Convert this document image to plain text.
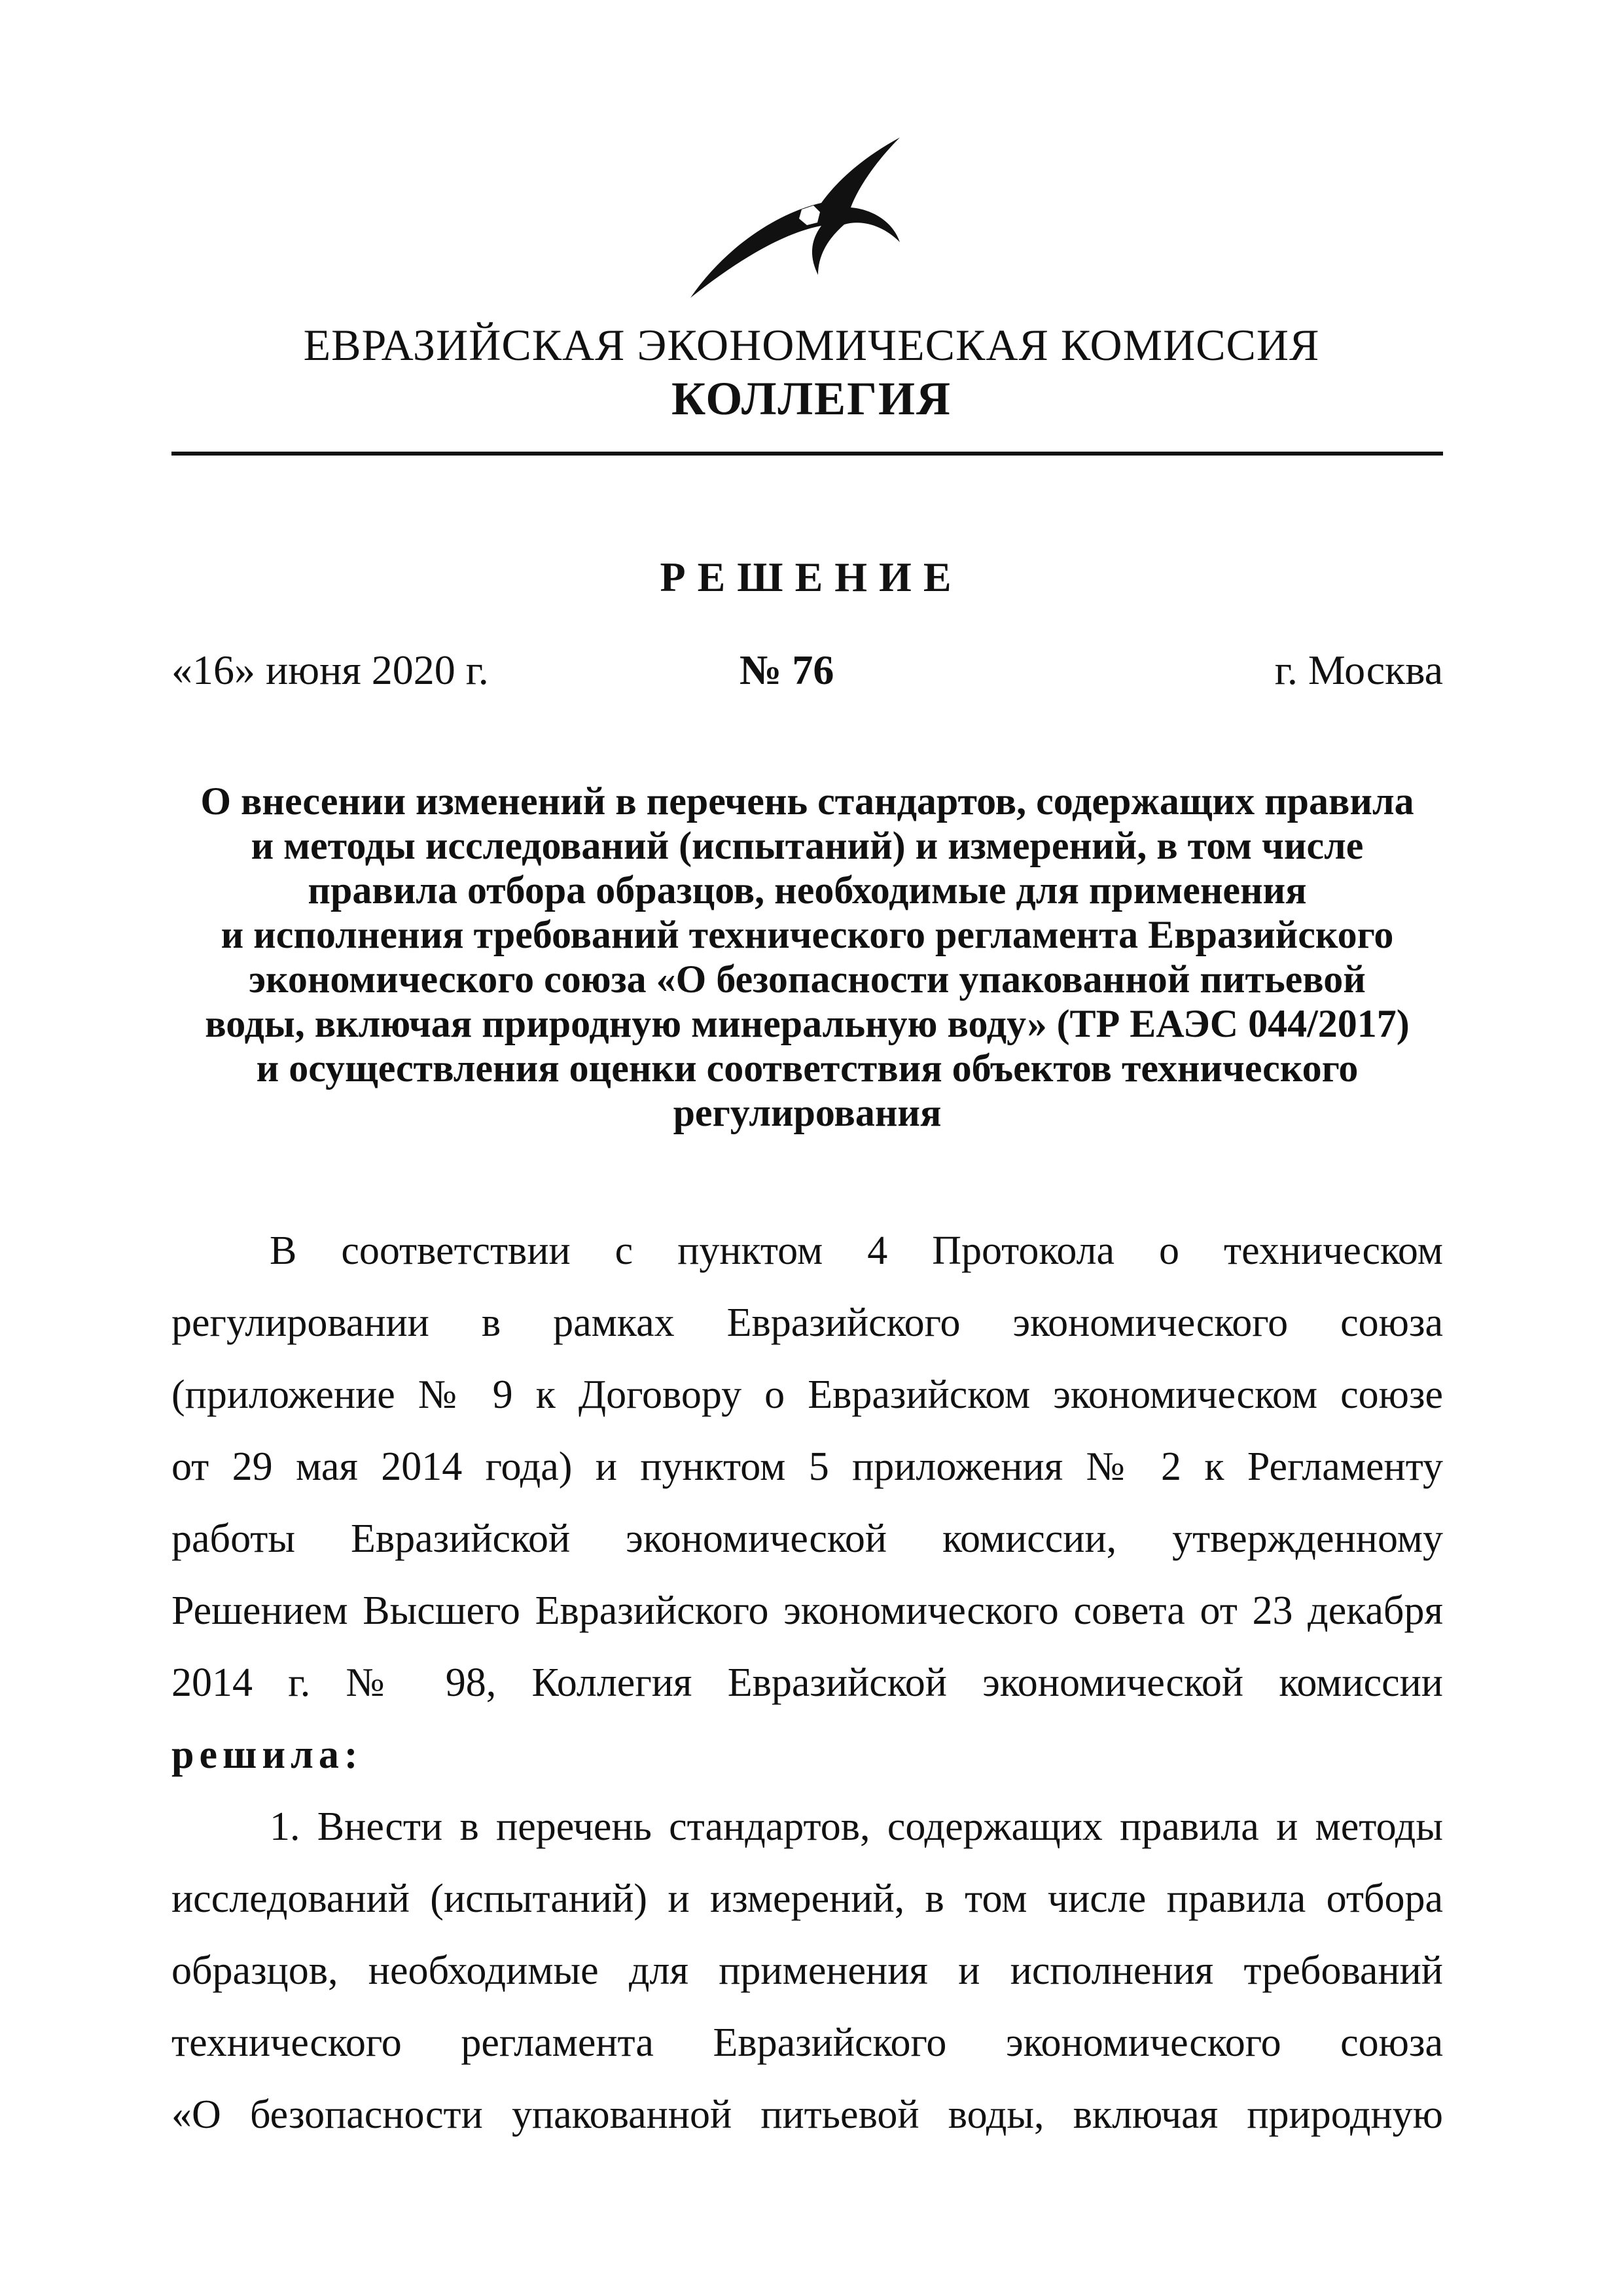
ЕВРАЗИЙСКАЯ ЭКОНОМИЧЕСКАЯ КОМИССИЯ
КОЛЛЕГИЯ
РЕШЕНИЕ
«16» июня 2020 г.	№ 76	г. Москва
О внесении изменений в перечень стандартов, содержащих правила
и методы исследований (испытаний) и измерений, в том числе
правила отбора образцов, необходимые для применения
и исполнения требований технического регламента Евразийского
экономического союза «О безопасности упакованной питьевой
воды, включая природную минеральную воду» (ТР ЕАЭС 044/2017)
и осуществления оценки соответствия объектов технического
регулирования
В соответствии с пунктом 4 Протокола о техническом
регулировании в рамках Евразийского экономического союза
(приложение № 9 к Договору о Евразийском экономическом союзе
от 29 мая 2014 года) и пунктом 5 приложения № 2 к Регламенту
работы Евразийской экономической комиссии, утвержденному
Решением Высшего Евразийского экономического совета от 23 декабря
2014 г. № 98, Коллегия Евразийской экономической комиссии
решила:
1. Внести в перечень стандартов, содержащих правила и методы
исследований (испытаний) и измерений, в том числе правила отбора
образцов, необходимые для применения и исполнения требований
технического регламента Евразийского экономического союза
«О безопасности упакованной питьевой воды, включая природную
